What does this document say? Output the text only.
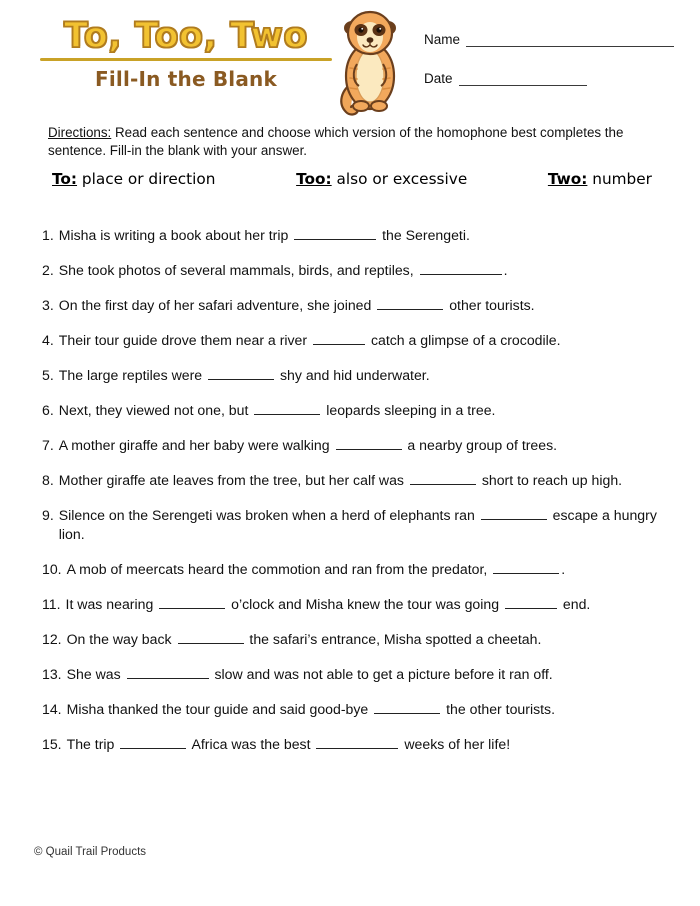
To, Too, Two
Fill-In the Blank
Name
Date
Directions: Read each sentence and choose which version of the homophone best completes the sentence. Fill-in the blank with your answer.
To: place or direction	Too: also or excessive	Two: number
1. Misha is writing a book about her trip	the Serengeti.
2. She took photos of several mammals, birds, and reptiles,	.
3. On the first day of her safari adventure, she joined	other tourists.
4. Their tour guide drove them near a river	catch a glimpse of a crocodile.
5. The large reptiles were	shy and hid underwater.
6. Next, they viewed not one, but	leopards sleeping in a tree.
7. A mother giraffe and her baby were walking	a nearby group of trees.
8. Mother giraffe ate leaves from the tree, but her calf was	short to reach up high.
9. Silence on the Serengeti was broken when a herd of elephants ran	escape a hungry lion.
10. A mob of meercats heard the commotion and ran from the predator,	.
11. It was nearing	o’clock and Misha knew the tour was going	end.
12. On the way back	the safari’s entrance, Misha spotted a cheetah.
13. She was	slow and was not able to get a picture before it ran off.
14. Misha thanked the tour guide and said good-bye	the other tourists.
15. The trip	Africa was the best	weeks of her life!
© Quail Trail Products
